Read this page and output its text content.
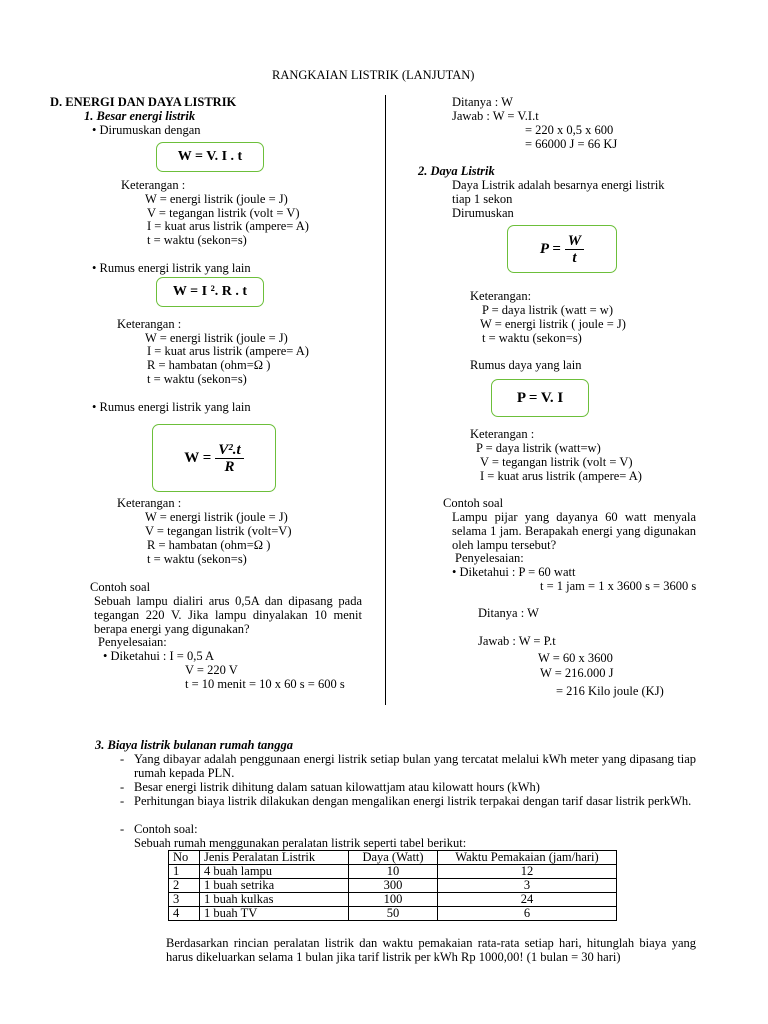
RANGKAIAN LISTRIK (LANJUTAN)
D. ENERGI DAN DAYA LISTRIK
1. Besar energi listrik
• Dirumuskan dengan
W = V. I . t
Keterangan :
W = energi listrik (joule = J)
V = tegangan listrik (volt = V)
I = kuat arus listrik (ampere= A)
t = waktu (sekon=s)
• Rumus energi listrik yang lain
W = I ². R . t
Keterangan :
W = energi listrik (joule = J)
I = kuat arus listrik (ampere= A)
R = hambatan (ohm=Ω )
t = waktu (sekon=s)
• Rumus energi listrik yang lain
$W = \frac{\text{V².t}}{R}$
Keterangan :
W = energi listrik (joule = J)
V = tegangan listrik (volt=V)
R = hambatan (ohm=Ω )
t = waktu (sekon=s)
Contoh soal
Sebuah lampu dialiri arus 0,5A dan dipasang pada tegangan 220 V. Jika lampu dinyalakan 10 menit berapa energi yang digunakan?
Penyelesaian:
• Diketahui : I = 0,5 A
V = 220 V
t = 10 menit = 10 x 60 s = 600 s
Ditanya : W
Jawab : W = V.I.t
= 220 x 0,5 x 600
= 66000 J = 66 KJ
2. Daya Listrik
Daya Listrik adalah besarnya energi listrik
tiap 1 sekon
Dirumuskan
$P = \frac{W}{t}$
Keterangan:
P = daya listrik (watt = w)
W = energi listrik ( joule = J)
t = waktu (sekon=s)
Rumus daya yang lain
P = V. I
Keterangan :
P = daya listrik (watt=w)
V = tegangan listrik (volt = V)
I = kuat arus listrik (ampere= A)
Contoh soal
Lampu pijar yang dayanya 60 watt menyala selama 1 jam. Berapakah energi yang digunakan oleh lampu tersebut?
Penyelesaian:
• Diketahui : P = 60 watt
t = 1 jam = 1 x 3600 s = 3600 s
Ditanya : W
Jawab : W = P.t
W = 60 x 3600
W = 216.000 J
= 216 Kilo joule (KJ)
3. Biaya listrik bulanan rumah tangga
- Yang dibayar adalah penggunaan energi listrik setiap bulan yang tercatat melalui kWh meter yang dipasang tiap rumah kepada PLN.
- Besar energi listrik dihitung dalam satuan kilowattjam atau kilowatt hours (kWh)
- Perhitungan biaya listrik dilakukan dengan mengalikan energi listrik terpakai dengan tarif dasar listrik perkWh.
- Contoh soal:
Sebuah rumah menggunakan peralatan listrik seperti tabel berikut:
No	Jenis Peralatan Listrik	Daya (Watt)	Waktu Pemakaian (jam/hari)
1	4 buah lampu	10	12
2	1 buah setrika	300	3
3	1 buah kulkas	100	24
4	1 buah TV	50	6
Berdasarkan rincian peralatan listrik dan waktu pemakaian rata-rata setiap hari, hitunglah biaya yang harus dikeluarkan selama 1 bulan jika tarif listrik per kWh Rp 1000,00! (1 bulan = 30 hari)
